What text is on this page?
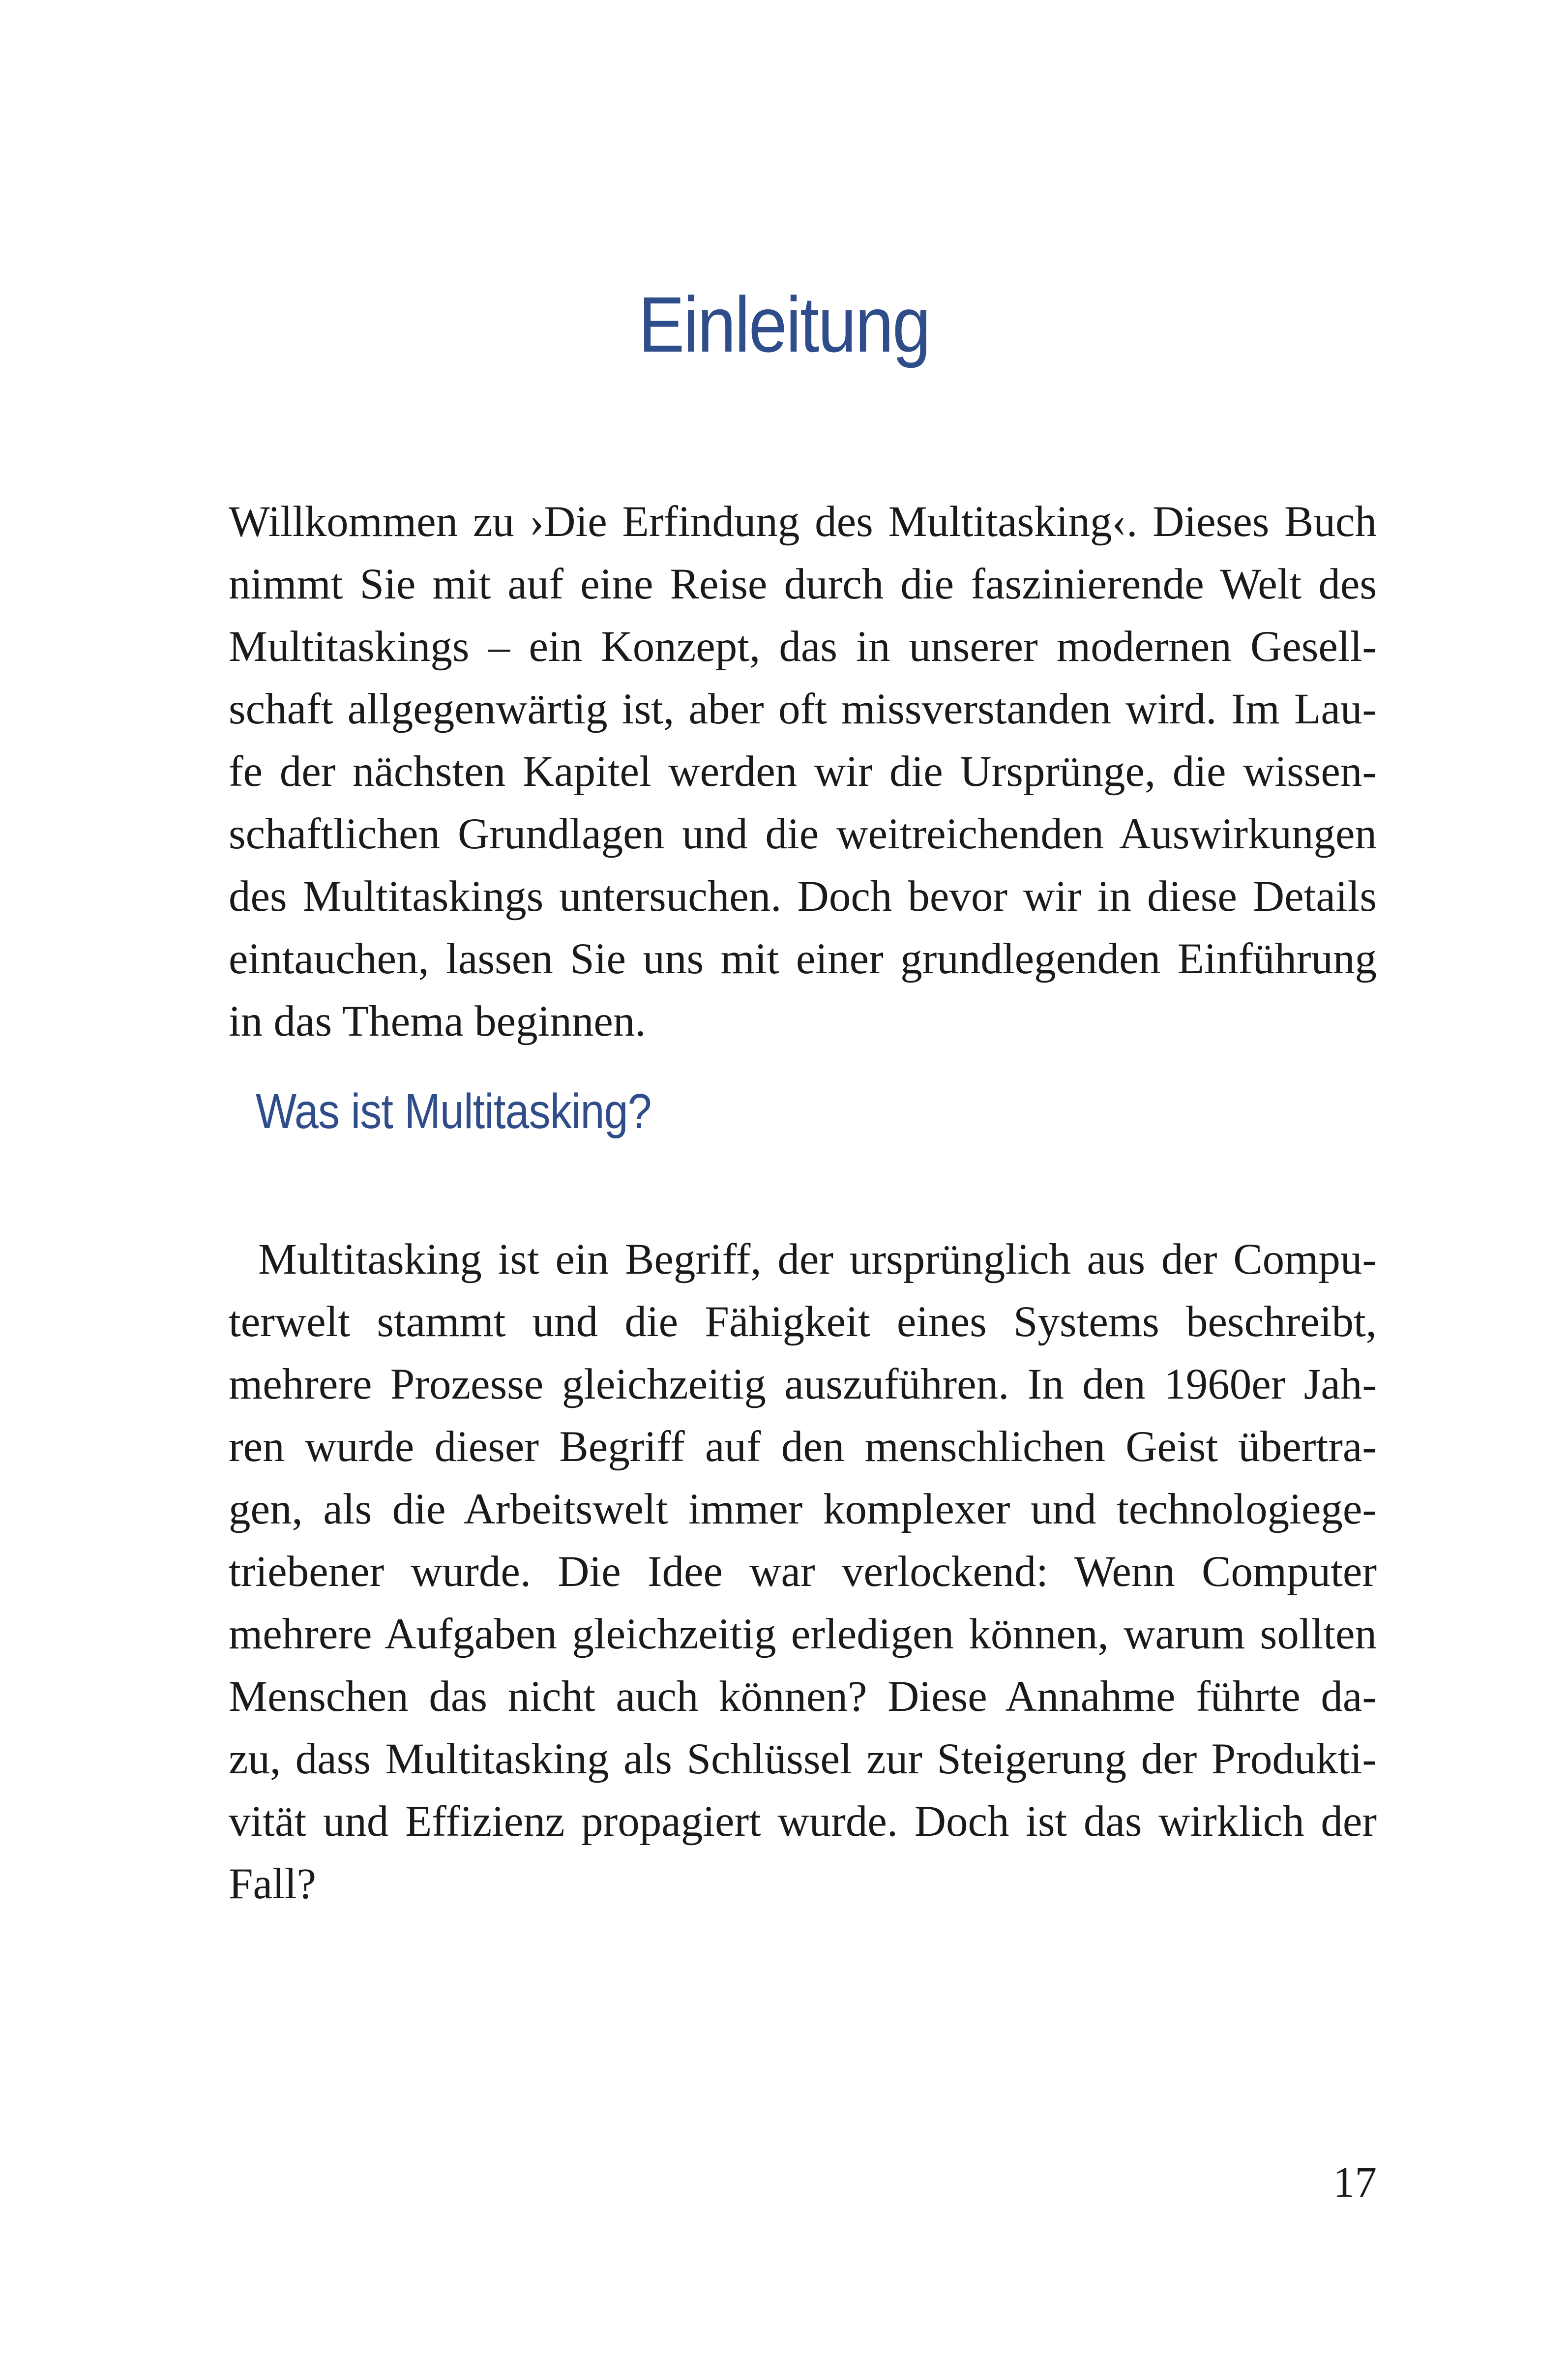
Einleitung
Willkommen zu ›Die Erfindung des Multitasking‹. Dieses Buch
nimmt Sie mit auf eine Reise durch die faszinierende Welt des
Multitaskings – ein Konzept, das in unserer modernen Gesell-
schaft allgegenwärtig ist, aber oft missverstanden wird. Im Lau-
fe der nächsten Kapitel werden wir die Ursprünge, die wissen-
schaftlichen Grundlagen und die weitreichenden Auswirkungen
des Multitaskings untersuchen. Doch bevor wir in diese Details
eintauchen, lassen Sie uns mit einer grundlegenden Einführung
in das Thema beginnen.
Was ist Multitasking?
Multitasking ist ein Begriff, der ursprünglich aus der Compu-
terwelt stammt und die Fähigkeit eines Systems beschreibt,
mehrere Prozesse gleichzeitig auszuführen. In den 1960er Jah-
ren wurde dieser Begriff auf den menschlichen Geist übertra-
gen, als die Arbeitswelt immer komplexer und technologiege-
triebener wurde. Die Idee war verlockend: Wenn Computer
mehrere Aufgaben gleichzeitig erledigen können, warum sollten
Menschen das nicht auch können? Diese Annahme führte da-
zu, dass Multitasking als Schlüssel zur Steigerung der Produkti-
vität und Effizienz propagiert wurde. Doch ist das wirklich der
Fall?
17
